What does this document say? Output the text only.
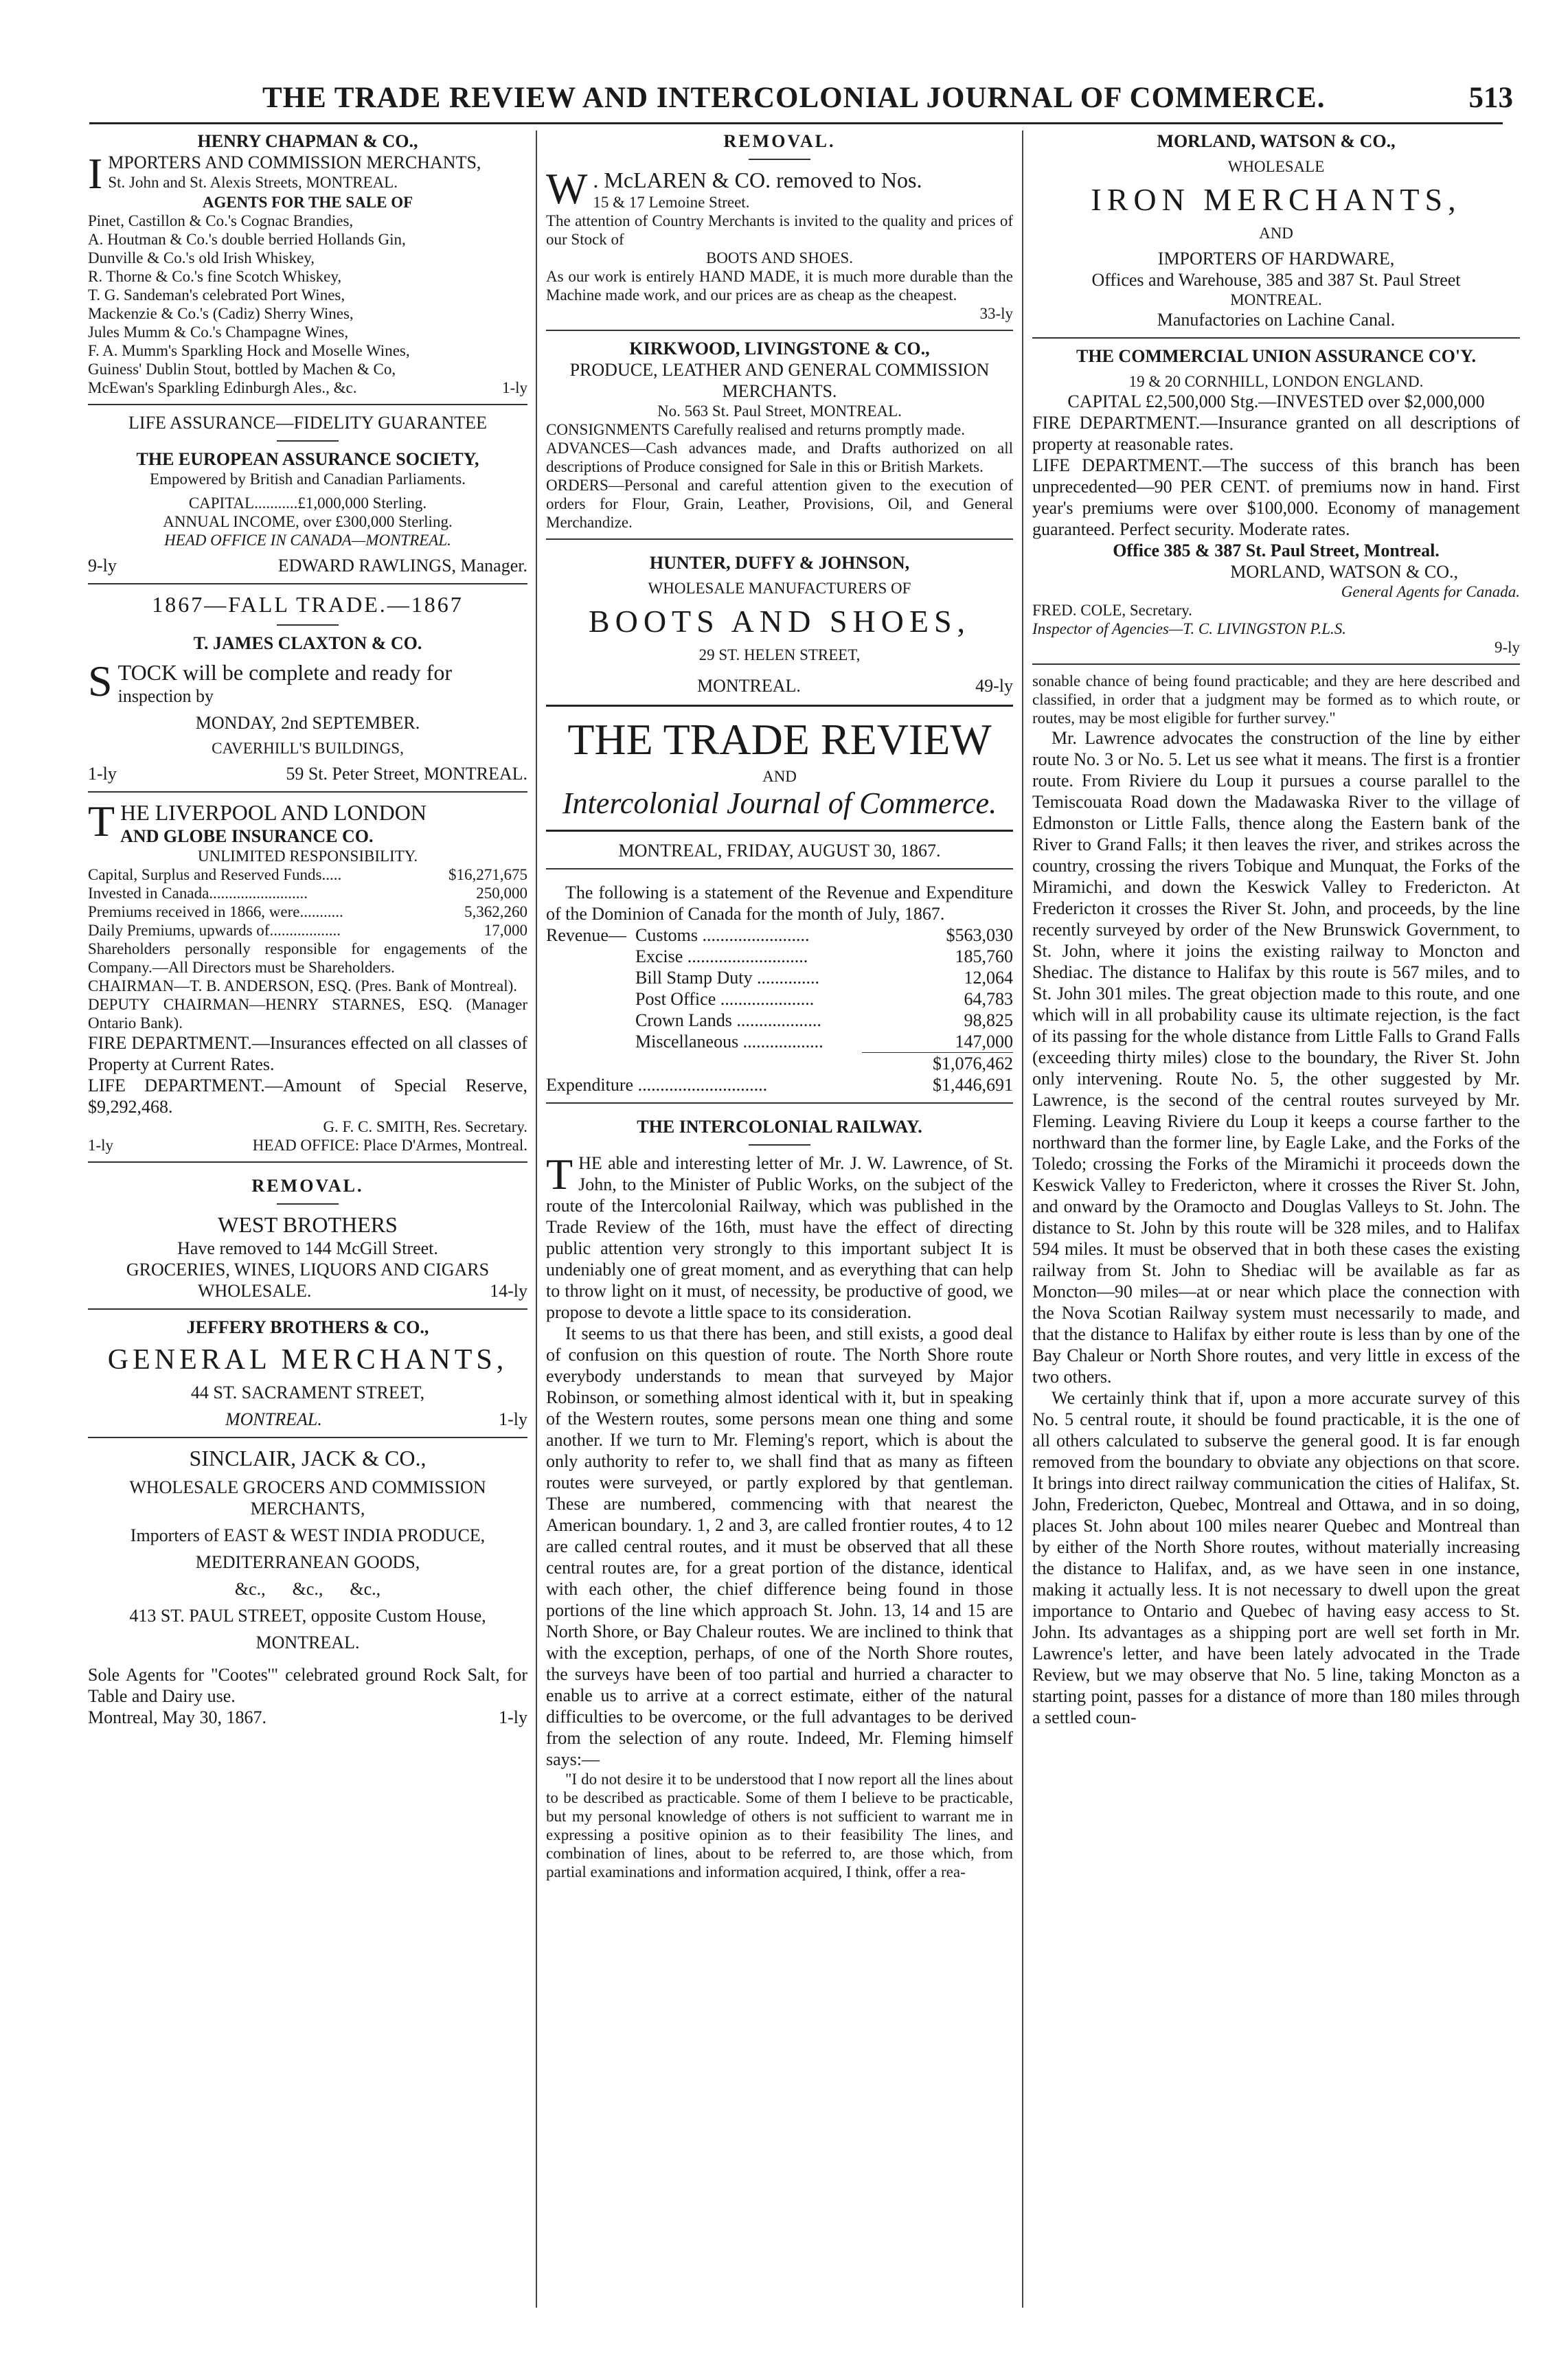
THE TRADE REVIEW AND INTERCOLONIAL JOURNAL OF COMMERCE.	513

HENRY CHAPMAN & CO.,

IMPORTERS AND COMMISSION MERCHANTS,

St. John and St. Alexis Streets, MONTREAL.

AGENTS FOR THE SALE OF

Pinet, Castillon & Co.'s Cognac Brandies,

A. Houtman & Co.'s double berried Hollands Gin,

Dunville & Co.'s old Irish Whiskey,

R. Thorne & Co.'s fine Scotch Whiskey,

T. G. Sandeman's celebrated Port Wines,

Mackenzie & Co.'s (Cadiz) Sherry Wines,

Jules Mumm & Co.'s Champagne Wines,

F. A. Mumm's Sparkling Hock and Moselle Wines,

Guiness' Dublin Stout, bottled by Machen & Co,

McEwan's Sparkling Edinburgh Ales., &c.	1-ly

LIFE ASSURANCE—FIDELITY GUARANTEE

THE EUROPEAN ASSURANCE SOCIETY,

Empowered by British and Canadian Parliaments.

CAPITAL...........£1,000,000 Sterling.

ANNUAL INCOME, over £300,000 Sterling.

HEAD OFFICE IN CANADA—MONTREAL.

9-ly	EDWARD RAWLINGS, Manager.

1867—FALL TRADE.—1867

T. JAMES CLAXTON & CO.

STOCK will be complete and ready for

inspection by

MONDAY, 2nd SEPTEMBER.

CAVERHILL'S BUILDINGS,

1-ly	59 St. Peter Street, MONTREAL.

THE LIVERPOOL AND LONDON

AND GLOBE INSURANCE CO.

UNLIMITED RESPONSIBILITY.

Capital, Surplus and Reserved Funds.....	$16,271,675
Invested in Canada.........................	250,000
Premiums received in 1866, were...........	5,362,260
Daily Premiums, upwards of..................	17,000

Shareholders personally responsible for engagements of the Company.—All Directors must be Shareholders.

CHAIRMAN—T. B. ANDERSON, ESQ. (Pres. Bank of Montreal).

DEPUTY CHAIRMAN—HENRY STARNES, ESQ. (Manager Ontario Bank).

FIRE DEPARTMENT.—Insurances effected on all classes of Property at Current Rates.

LIFE DEPARTMENT.—Amount of Special Reserve, $9,292,468.

G. F. C. SMITH, Res. Secretary.

1-ly	HEAD OFFICE: Place D'Armes, Montreal.

REMOVAL.

WEST BROTHERS

Have removed to 144 McGill Street.

GROCERIES, WINES, LIQUORS AND CIGARS

WHOLESALE.	14-ly

JEFFERY BROTHERS & CO.,

GENERAL MERCHANTS,

44 ST. SACRAMENT STREET,

MONTREAL.	1-ly

SINCLAIR, JACK & CO.,

WHOLESALE GROCERS AND COMMISSION MERCHANTS,

Importers of EAST & WEST INDIA PRODUCE,

MEDITERRANEAN GOODS,

&c.,      &c.,      &c.,

413 ST. PAUL STREET, opposite Custom House,

MONTREAL.

Sole Agents for "Cootes'" celebrated ground Rock Salt, for Table and Dairy use.

Montreal, May 30, 1867.	1-ly

REMOVAL.

W . McLAREN & CO. removed to Nos.

15 & 17 Lemoine Street.

The attention of Country Merchants is invited to the quality and prices of our Stock of

BOOTS AND SHOES.

As our work is entirely HAND MADE, it is much more durable than the Machine made work, and our prices are as cheap as the cheapest.

33-ly

KIRKWOOD, LIVINGSTONE & CO.,

PRODUCE, LEATHER AND GENERAL COMMISSION MERCHANTS.

No. 563 St. Paul Street, MONTREAL.

CONSIGNMENTS Carefully realised and returns promptly made.

ADVANCES—Cash advances made, and Drafts authorized on all descriptions of Produce consigned for Sale in this or British Markets.

ORDERS—Personal and careful attention given to the execution of orders for Flour, Grain, Leather, Provisions, Oil, and General Merchandize.

HUNTER, DUFFY & JOHNSON,

WHOLESALE MANUFACTURERS OF

BOOTS AND SHOES,

29 ST. HELEN STREET,

MONTREAL.	49-ly

THE TRADE REVIEW

AND

Intercolonial Journal of Commerce.

MONTREAL, FRIDAY, AUGUST 30, 1867.

The following is a statement of the Revenue and Expenditure of the Dominion of Canada for the month of July, 1867.

Revenue— Customs ........................	$563,030
Excise ...........................	185,760
Bill Stamp Duty ..............	12,064
Post Office .....................	64,783
Crown Lands ...................	98,825
Miscellaneous ..................	147,000

$1,076,462

Expenditure .............................	$1,446,691

THE INTERCOLONIAL RAILWAY.

THE able and interesting letter of Mr. J. W. Lawrence, of St. John, to the Minister of Public Works, on the subject of the route of the Intercolonial Railway, which was published in the Trade Review of the 16th, must have the effect of directing public attention very strongly to this important subject It is undeniably one of great moment, and as everything that can help to throw light on it must, of necessity, be productive of good, we propose to devote a little space to its consideration.

It seems to us that there has been, and still exists, a good deal of confusion on this question of route. The North Shore route everybody understands to mean that surveyed by Major Robinson, or something almost identical with it, but in speaking of the Western routes, some persons mean one thing and some another. If we turn to Mr. Fleming's report, which is about the only authority to refer to, we shall find that as many as fifteen routes were surveyed, or partly explored by that gentleman. These are numbered, commencing with that nearest the American boundary. 1, 2 and 3, are called frontier routes, 4 to 12 are called central routes, and it must be observed that all these central routes are, for a great portion of the distance, identical with each other, the chief difference being found in those portions of the line which approach St. John. 13, 14 and 15 are North Shore, or Bay Chaleur routes. We are inclined to think that with the exception, perhaps, of one of the North Shore routes, the surveys have been of too partial and hurried a character to enable us to arrive at a correct estimate, either of the natural difficulties to be overcome, or the full advantages to be derived from the selection of any route. Indeed, Mr. Fleming himself says:—

"I do not desire it to be understood that I now report all the lines about to be described as practicable. Some of them I believe to be practicable, but my personal knowledge of others is not sufficient to warrant me in expressing a positive opinion as to their feasibility The lines, and combination of lines, about to be referred to, are those which, from partial examinations and information acquired, I think, offer a rea-

MORLAND, WATSON & CO.,

WHOLESALE

IRON MERCHANTS,

AND

IMPORTERS OF HARDWARE,

Offices and Warehouse, 385 and 387 St. Paul Street

MONTREAL.

Manufactories on Lachine Canal.

THE COMMERCIAL UNION ASSURANCE CO'Y.

19 & 20 CORNHILL, LONDON ENGLAND.

CAPITAL £2,500,000 Stg.—INVESTED over $2,000,000

FIRE DEPARTMENT.—Insurance granted on all descriptions of property at reasonable rates.

LIFE DEPARTMENT.—The success of this branch has been unprecedented—90 PER CENT. of premiums now in hand. First year's premiums were over $100,000. Economy of management guaranteed. Perfect security. Moderate rates.

Office 385 & 387 St. Paul Street, Montreal.

MORLAND, WATSON & CO.,

General Agents for Canada.

FRED. COLE, Secretary.

Inspector of Agencies—T. C. LIVINGSTON P.L.S.

9-ly

sonable chance of being found practicable; and they are here described and classified, in order that a judgment may be formed as to which route, or routes, may be most eligible for further survey."

Mr. Lawrence advocates the construction of the line by either route No. 3 or No. 5. Let us see what it means. The first is a frontier route. From Riviere du Loup it pursues a course parallel to the Temiscouata Road down the Madawaska River to the village of Edmonston or Little Falls, thence along the Eastern bank of the River to Grand Falls; it then leaves the river, and strikes across the country, crossing the rivers Tobique and Munquat, the Forks of the Miramichi, and down the Keswick Valley to Fredericton. At Fredericton it crosses the River St. John, and proceeds, by the line recently surveyed by order of the New Brunswick Government, to St. John, where it joins the existing railway to Moncton and Shediac. The distance to Halifax by this route is 567 miles, and to St. John 301 miles. The great objection made to this route, and one which will in all probability cause its ultimate rejection, is the fact of its passing for the whole distance from Little Falls to Grand Falls (exceeding thirty miles) close to the boundary, the River St. John only intervening. Route No. 5, the other suggested by Mr. Lawrence, is the second of the central routes surveyed by Mr. Fleming. Leaving Riviere du Loup it keeps a course farther to the northward than the former line, by Eagle Lake, and the Forks of the Toledo; crossing the Forks of the Miramichi it proceeds down the Keswick Valley to Fredericton, where it crosses the River St. John, and onward by the Oramocto and Douglas Valleys to St. John. The distance to St. John by this route will be 328 miles, and to Halifax 594 miles. It must be observed that in both these cases the existing railway from St. John to Shediac will be available as far as Moncton—90 miles—at or near which place the connection with the Nova Scotian Railway system must necessarily to made, and that the distance to Halifax by either route is less than by one of the Bay Chaleur or North Shore routes, and very little in excess of the two others.

We certainly think that if, upon a more accurate survey of this No. 5 central route, it should be found practicable, it is the one of all others calculated to subserve the general good. It is far enough removed from the boundary to obviate any objections on that score. It brings into direct railway communication the cities of Halifax, St. John, Fredericton, Quebec, Montreal and Ottawa, and in so doing, places St. John about 100 miles nearer Quebec and Montreal than by either of the North Shore routes, without materially increasing the distance to Halifax, and, as we have seen in one instance, making it actually less. It is not necessary to dwell upon the great importance to Ontario and Quebec of having easy access to St. John. Its advantages as a shipping port are well set forth in Mr. Lawrence's letter, and have been lately advocated in the Trade Review, but we may observe that No. 5 line, taking Moncton as a starting point, passes for a distance of more than 180 miles through a settled coun-
